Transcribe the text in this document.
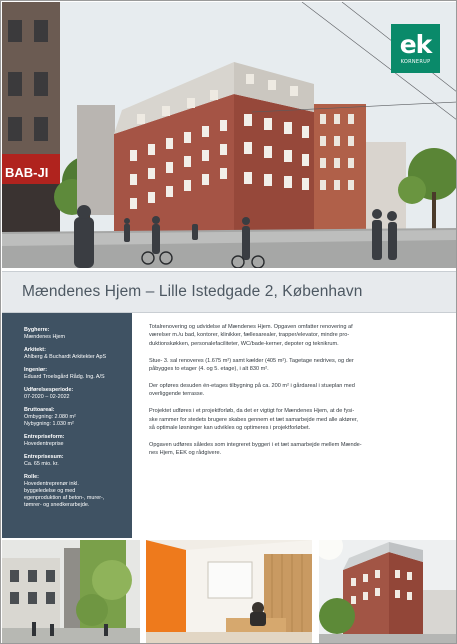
BAB-JI
ek
KORNERUP
Mændenes Hjem – Lille Istedgade 2, København
Bygherre:
Mændenes Hjem
Arkitekt:
Ahlberg & Buchardt Arkitekter ApS
Ingeniør:
Eduard Troelsgård Rådg. Ing. A/S
Udførelsesperiode:
07-2020 – 02-2022
Bruttoareal:
Ombygning: 2.080 m²
Nybygning: 1.030 m²
Entrepriseform:
Hovedentreprise
Entreprisesum:
Ca. 65 mio. kr.
Rolle:
Hovedentreprenør inkl.
byggeledelse og med
egenproduktion af beton-, murer-,
tømrer- og snedkerarbejde.

Totalrenovering og udvidelse af Mændenes Hjem. Opgaven omfatter renovering af
værelser m./u bad, kontorer, klinikker, fællesarealer, trapper/elevator, mindre pro-
duktionskøkken, personalefaciliteter, WC/bade-kerner, depoter og teknikrum.

Stue- 3. sal renoveres (1.675 m²) samt kælder (405 m²). Tagetage nedrives, og der
påbygges to etager (4. og 5. etage), i alt 830 m².

Der opføres desuden én-etages tilbygning på ca. 200 m² i gårdareal i stueplan med
overliggende terrasse.

Projektet udføres i et projektforløb, da det er vigtigt for Mændenes Hjem, at de fysi-
ske rammer for stedets brugere skabes gennem et tæt samarbejde med alle aktører,
så optimale løsninger kan udvikles og optimeres i projektforløbet.

Opgaven udføres således som integreret byggeri i et tæt samarbejde mellem Mænde-
nes Hjem, EEK og rådgivere.
